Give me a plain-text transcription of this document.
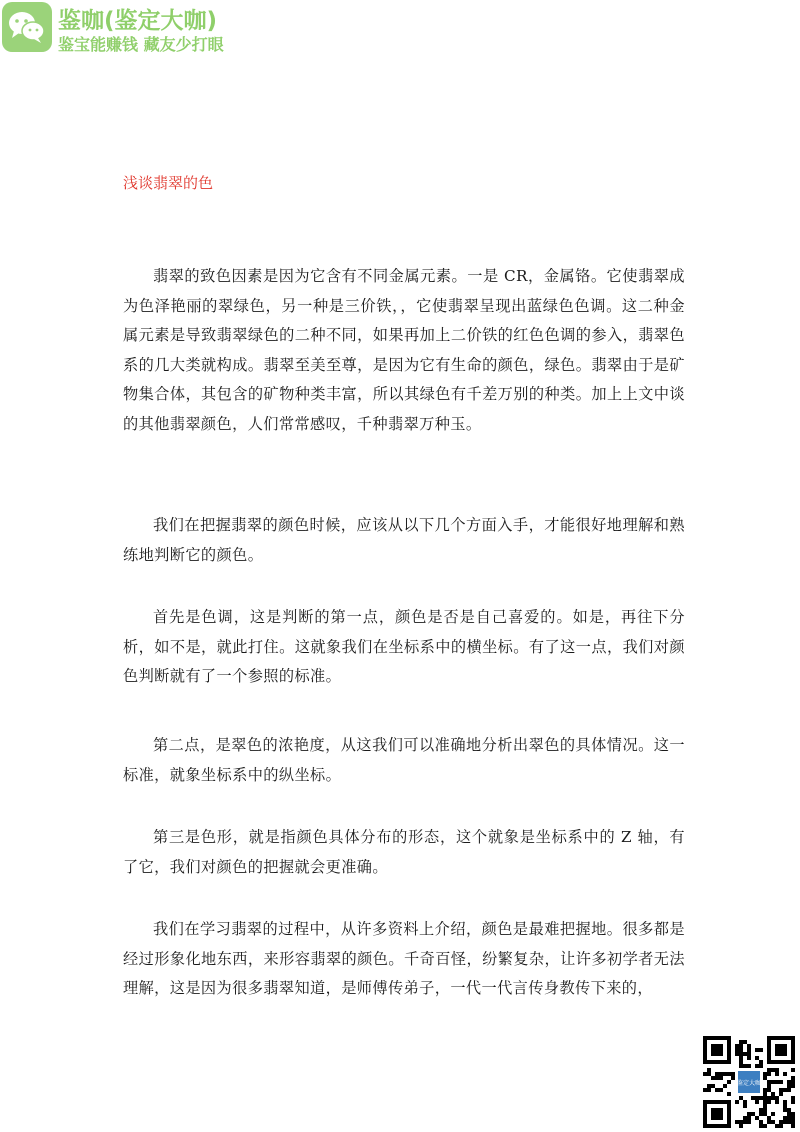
鉴咖(鉴定大咖)
鉴宝能赚钱 藏友少打眼
浅谈翡翠的色

翡翠的致色因素是因为它含有不同金属元素。一是 CR，金属铬。它使翡翠成为色泽艳丽的翠绿色，另一种是三价铁，，它使翡翠呈现出蓝绿色色调。这二种金属元素是导致翡翠绿色的二种不同，如果再加上二价铁的红色色调的参入，翡翠色系的几大类就构成。翡翠至美至尊，是因为它有生命的颜色，绿色。翡翠由于是矿物集合体，其包含的矿物种类丰富，所以其绿色有千差万别的种类。加上上文中谈的其他翡翠颜色，人们常常感叹，千种翡翠万种玉。

我们在把握翡翠的颜色时候，应该从以下几个方面入手，才能很好地理解和熟练地判断它的颜色。

首先是色调，这是判断的第一点，颜色是否是自己喜爱的。如是，再往下分析，如不是，就此打住。这就象我们在坐标系中的横坐标。有了这一点，我们对颜色判断就有了一个参照的标准。

第二点，是翠色的浓艳度，从这我们可以准确地分析出翠色的具体情况。这一标准，就象坐标系中的纵坐标。

第三是色形，就是指颜色具体分布的形态，这个就象是坐标系中的 Z 轴，有了它，我们对颜色的把握就会更准确。

我们在学习翡翠的过程中，从许多资料上介绍，颜色是最难把握地。很多都是经过形象化地东西，来形容翡翠的颜色。千奇百怪，纷繁复杂，让许多初学者无法理解，这是因为很多翡翠知道，是师傅传弟子，一代一代言传身教传下来的，

鉴定大咖
